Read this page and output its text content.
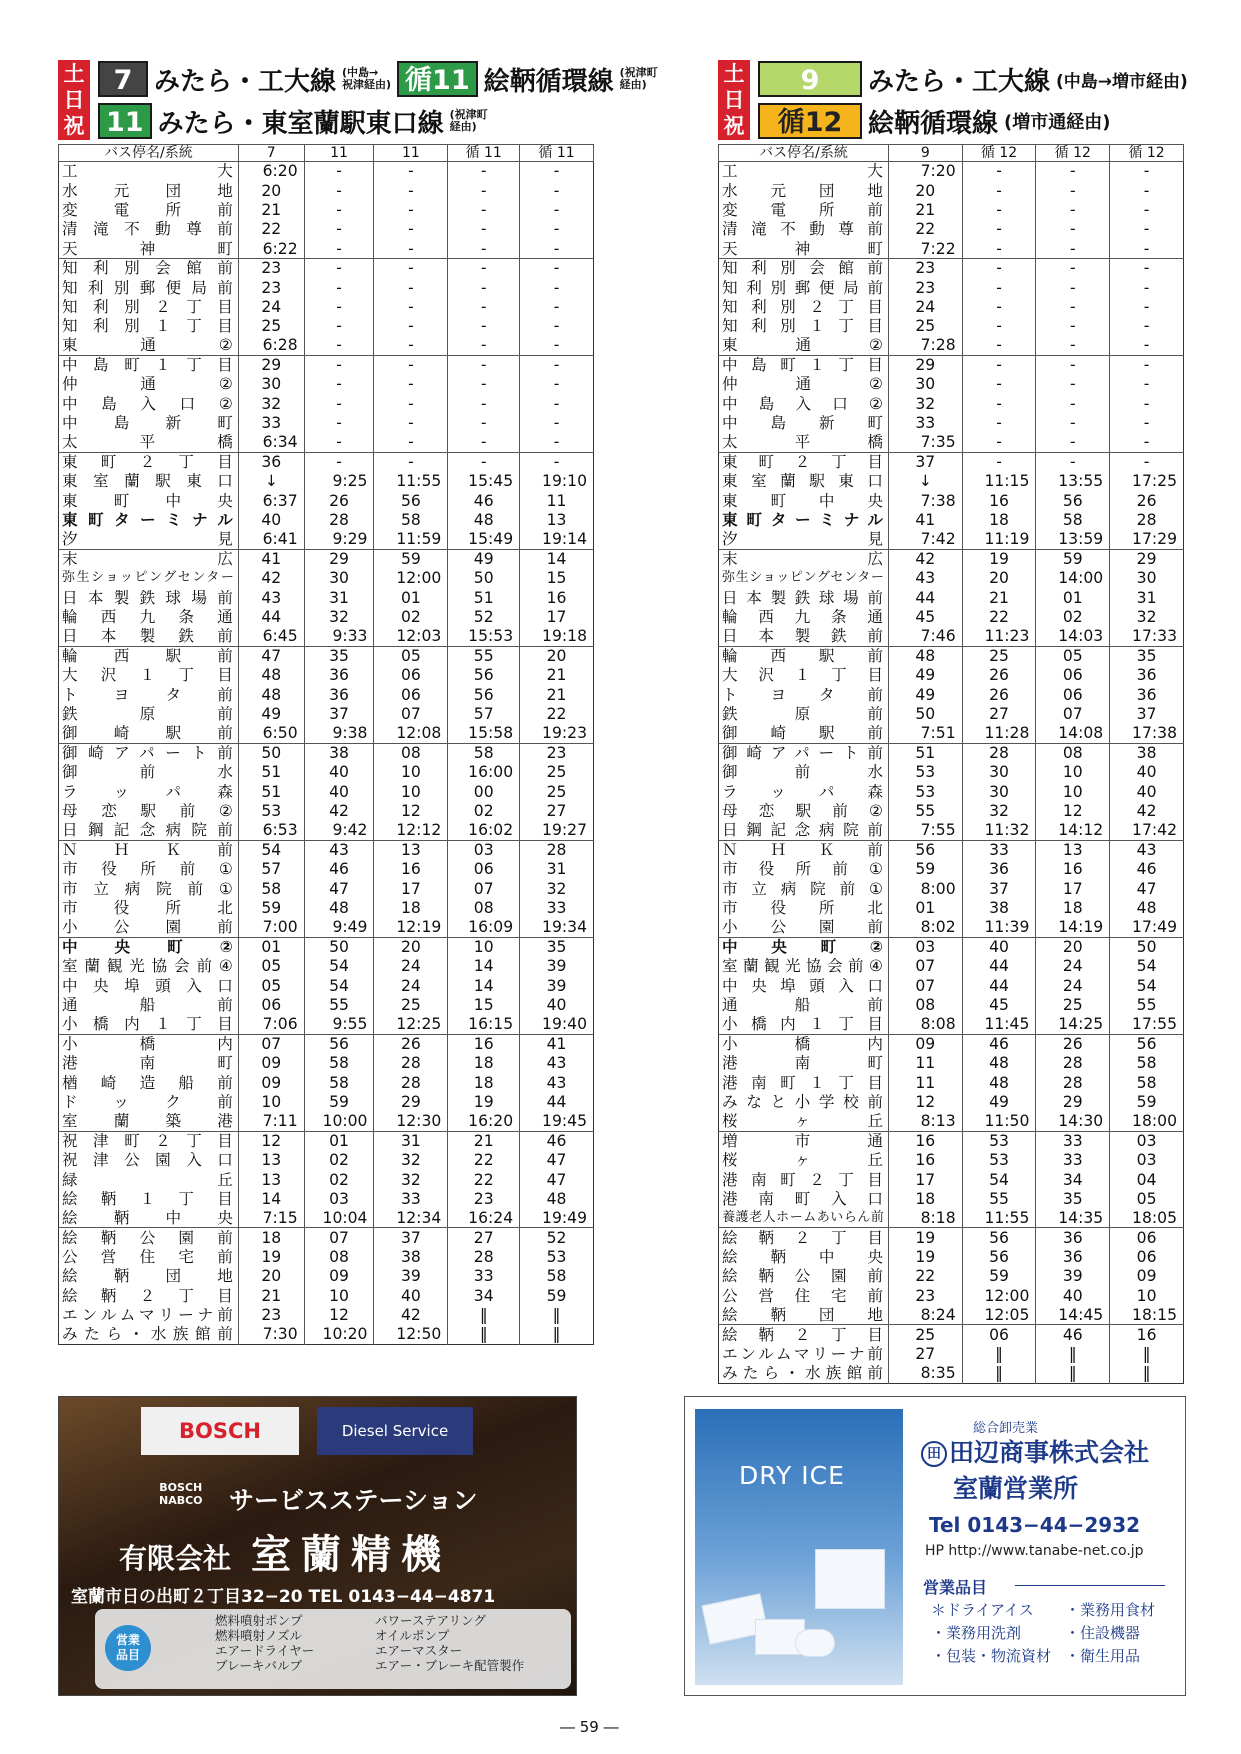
土日祝
7 みたら・工大線 (中島→
祝津経由) 循11 絵鞆循環線 (祝津町
経由)
11 みたら・東室蘭駅東口線 (祝津町
経由)
バス停名/系統	7	11	11	循 11	循 11
工大	6:20	-	-	-	-
水元団地	20	-	-	-	-
変電所前	21	-	-	-	-
清滝不動尊前	22	-	-	-	-
天神町	6:22	-	-	-	-
知利別会館前	23	-	-	-	-
知利別郵便局前	23	-	-	-	-
知利別２丁目	24	-	-	-	-
知利別１丁目	25	-	-	-	-
東通②	6:28	-	-	-	-
中島町１丁目	29	-	-	-	-
仲通②	30	-	-	-	-
中島入口②	32	-	-	-	-
中島新町	33	-	-	-	-
太平橋	6:34	-	-	-	-
東町２丁目	36	-	-	-	-
東室蘭駅東口	↓	9:25	11:55	15:45	19:10
東町中央	6:37	26	56	46	11
東町ターミナル	40	28	58	48	13
汐見	6:41	9:29	11:59	15:49	19:14
末広	41	29	59	49	14
弥生ショッピングセンター	42	30	12:00	50	15
日本製鉄球場前	43	31	01	51	16
輪西九条通	44	32	02	52	17
日本製鉄前	6:45	9:33	12:03	15:53	19:18
輪西駅前	47	35	05	55	20
大沢１丁目	48	36	06	56	21
トヨタ前	48	36	06	56	21
鉄原前	49	37	07	57	22
御崎駅前	6:50	9:38	12:08	15:58	19:23
御崎アパート前	50	38	08	58	23
御前水	51	40	10	16:00	25
ラッパ森	51	40	10	00	25
母恋駅前②	53	42	12	02	27
日鋼記念病院前	6:53	9:42	12:12	16:02	19:27
ＮＨＫ前	54	43	13	03	28
市役所前①	57	46	16	06	31
市立病院前①	58	47	17	07	32
市役所北	59	48	18	08	33
小公園前	7:00	9:49	12:19	16:09	19:34
中央町②	01	50	20	10	35
室蘭観光協会前④	05	54	24	14	39
中央埠頭入口	05	54	24	14	39
通船前	06	55	25	15	40
小橋内１丁目	7:06	9:55	12:25	16:15	19:40
小橋内	07	56	26	16	41
港南町	09	58	28	18	43
楢崎造船前	09	58	28	18	43
ドック前	10	59	29	19	44
室蘭築港	7:11	10:00	12:30	16:20	19:45
祝津町２丁目	12	01	31	21	46
祝津公園入口	13	02	32	22	47
緑丘	13	02	32	22	47
絵鞆１丁目	14	03	33	23	48
絵鞆中央	7:15	10:04	12:34	16:24	19:49
絵鞆公園前	18	07	37	27	52
公営住宅前	19	08	38	28	53
絵鞆団地	20	09	39	33	58
絵鞆２丁目	21	10	40	34	59
エンルムマリーナ前	23	12	42	‖	‖
みたら・水族館前	7:30	10:20	12:50	‖	‖
土日祝
9	みたら・工大線 (中島→増市経由)
循12 絵鞆循環線 (増市通経由)
バス停名/系統	9	循 12	循 12	循 12
工大	7:20	-	-	-
水元団地	20	-	-	-
変電所前	21	-	-	-
清滝不動尊前	22	-	-	-
天神町	7:22	-	-	-
知利別会館前	23	-	-	-
知利別郵便局前	23	-	-	-
知利別２丁目	24	-	-	-
知利別１丁目	25	-	-	-
東通②	7:28	-	-	-
中島町１丁目	29	-	-	-
仲通②	30	-	-	-
中島入口②	32	-	-	-
中島新町	33	-	-	-
太平橋	7:35	-	-	-
東町２丁目	37	-	-	-
東室蘭駅東口	↓	11:15	13:55	17:25
東町中央	7:38	16	56	26
東町ターミナル	41	18	58	28
汐見	7:42	11:19	13:59	17:29
末広	42	19	59	29
弥生ショッピングセンター	43	20	14:00	30
日本製鉄球場前	44	21	01	31
輪西九条通	45	22	02	32
日本製鉄前	7:46	11:23	14:03	17:33
輪西駅前	48	25	05	35
大沢１丁目	49	26	06	36
トヨタ前	49	26	06	36
鉄原前	50	27	07	37
御崎駅前	7:51	11:28	14:08	17:38
御崎アパート前	51	28	08	38
御前水	53	30	10	40
ラッパ森	53	30	10	40
母恋駅前②	55	32	12	42
日鋼記念病院前	7:55	11:32	14:12	17:42
ＮＨＫ前	56	33	13	43
市役所前①	59	36	16	46
市立病院前①	8:00	37	17	47
市役所北	01	38	18	48
小公園前	8:02	11:39	14:19	17:49
中央町②	03	40	20	50
室蘭観光協会前④	07	44	24	54
中央埠頭入口	07	44	24	54
通船前	08	45	25	55
小橋内１丁目	8:08	11:45	14:25	17:55
小橋内	09	46	26	56
港南町	11	48	28	58
港南町１丁目	11	48	28	58
みなと小学校前	12	49	29	59
桜ヶ丘	8:13	11:50	14:30	18:00
増市通	16	53	33	03
桜ヶ丘	16	53	33	03
港南町２丁目	17	54	34	04
港南町入口	18	55	35	05
養護老人ホームあいらん前	8:18	11:55	14:35	18:05
絵鞆２丁目	19	56	36	06
絵鞆中央	19	56	36	06
絵鞆公園前	22	59	39	09
公営住宅前	23	12:00	40	10
絵鞆団地	8:24	12:05	14:45	18:15
絵鞆２丁目	25	06	46	16
エンルムマリーナ前	27	‖	‖	‖
みたら・水族館前	8:35	‖	‖	‖
BOSCH	Diesel Service
BOSCH
NABCO サービスステーション
有限会社 室蘭精機
室蘭市日の出町２丁目32−20 TEL 0143−44−4871
営業
品目
燃料噴射ポンプ
燃料噴射ノズル
エアードライヤー
ブレーキバルブ
パワーステアリング
オイルポンプ
エアーマスター
エアー・ブレーキ配管製作
DRY ICE
総合卸売業
田 田辺商事株式会社
室蘭営業所
Tel 0143−44−2932
HP http://www.tanabe-net.co.jp
営業品目
＊ドライアイス
・業務用洗剤
・包装・物流資材
・業務用食材
・住設機器
・衛生用品
― 59 ―
